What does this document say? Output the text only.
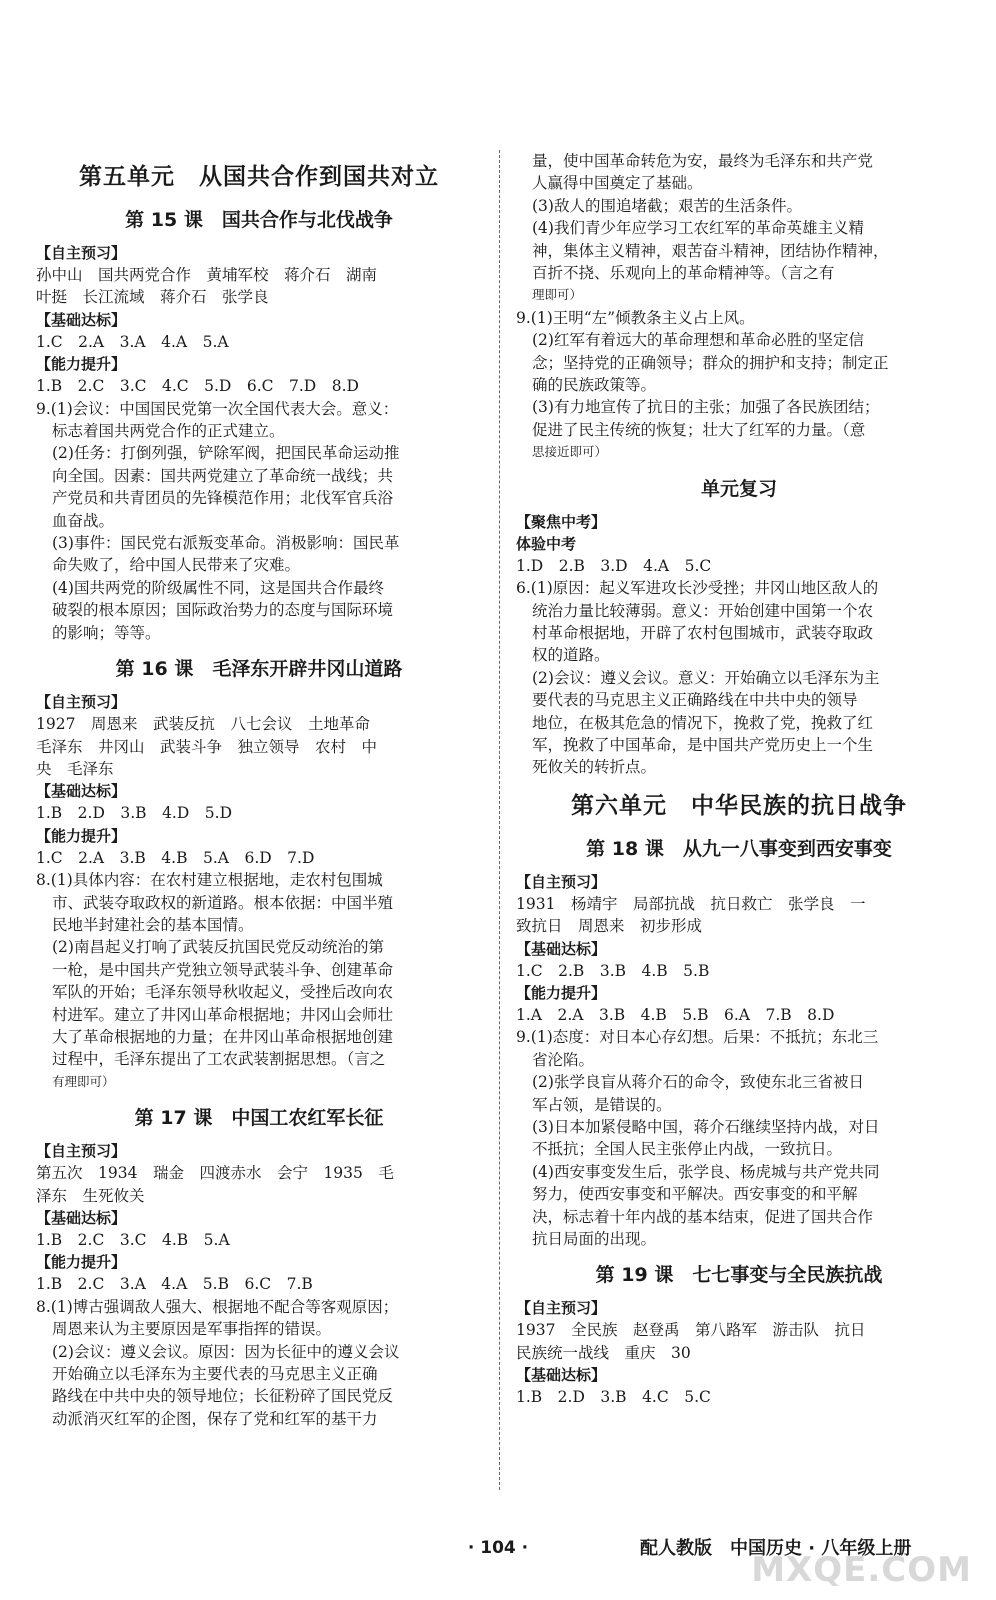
第五单元　从国共合作到国共对立
第 15 课　国共合作与北伐战争
【自主预习】
孙中山　国共两党合作　黄埔军校　蒋介石　湖南
叶挺　长江流域　蒋介石　张学良
【基础达标】
1.C　2.A　3.A　4.A　5.A
【能力提升】
1.B　2.C　3.C　4.C　5.D　6.C　7.D　8.D
9.(1)会议：中国国民党第一次全国代表大会。意义：
标志着国共两党合作的正式建立。
(2)任务：打倒列强，铲除军阀，把国民革命运动推
向全国。因素：国共两党建立了革命统一战线；共
产党员和共青团员的先锋模范作用；北伐军官兵浴
血奋战。
(3)事件：国民党右派叛变革命。消极影响：国民革
命失败了，给中国人民带来了灾难。
(4)国共两党的阶级属性不同，这是国共合作最终
破裂的根本原因；国际政治势力的态度与国际环境
的影响；等等。
第 16 课　毛泽东开辟井冈山道路
【自主预习】
1927　周恩来　武装反抗　八七会议　土地革命
毛泽东　井冈山　武装斗争　独立领导　农村　中
央　毛泽东
【基础达标】
1.B　2.D　3.B　4.D　5.D
【能力提升】
1.C　2.A　3.B　4.B　5.A　6.D　7.D
8.(1)具体内容：在农村建立根据地，走农村包围城
市、武装夺取政权的新道路。根本依据：中国半殖
民地半封建社会的基本国情。
(2)南昌起义打响了武装反抗国民党反动统治的第
一枪，是中国共产党独立领导武装斗争、创建革命
军队的开始；毛泽东领导秋收起义，受挫后改向农
村进军。建立了井冈山革命根据地；井冈山会师壮
大了革命根据地的力量；在井冈山革命根据地创建
过程中，毛泽东提出了工农武装割据思想。（言之
有理即可）
第 17 课　中国工农红军长征
【自主预习】
第五次　1934　瑞金　四渡赤水　会宁　1935　毛
泽东　生死攸关
【基础达标】
1.B　2.C　3.C　4.B　5.A
【能力提升】
1.B　2.C　3.A　4.A　5.B　6.C　7.B
8.(1)博古强调敌人强大、根据地不配合等客观原因；
周恩来认为主要原因是军事指挥的错误。
(2)会议：遵义会议。原因：因为长征中的遵义会议
开始确立以毛泽东为主要代表的马克思主义正确
路线在中共中央的领导地位；长征粉碎了国民党反
动派消灭红军的企图，保存了党和红军的基干力
量，使中国革命转危为安，最终为毛泽东和共产党
人赢得中国奠定了基础。
(3)敌人的围追堵截；艰苦的生活条件。
(4)我们青少年应学习工农红军的革命英雄主义精
神，集体主义精神，艰苦奋斗精神，团结协作精神，
百折不挠、乐观向上的革命精神等。（言之有
理即可）
9.(1)王明“左”倾教条主义占上风。
(2)红军有着远大的革命理想和革命必胜的坚定信
念；坚持党的正确领导；群众的拥护和支持；制定正
确的民族政策等。
(3)有力地宣传了抗日的主张；加强了各民族团结；
促进了民主传统的恢复；壮大了红军的力量。（意
思接近即可）
单元复习
【聚焦中考】
体验中考
1.D　2.B　3.D　4.A　5.C
6.(1)原因：起义军进攻长沙受挫；井冈山地区敌人的
统治力量比较薄弱。意义：开始创建中国第一个农
村革命根据地，开辟了农村包围城市，武装夺取政
权的道路。
(2)会议：遵义会议。意义：开始确立以毛泽东为主
要代表的马克思主义正确路线在中共中央的领导
地位，在极其危急的情况下，挽救了党，挽救了红
军，挽救了中国革命，是中国共产党历史上一个生
死攸关的转折点。
第六单元　中华民族的抗日战争
第 18 课　从九一八事变到西安事变
【自主预习】
1931　杨靖宇　局部抗战　抗日救亡　张学良　一
致抗日　周恩来　初步形成
【基础达标】
1.C　2.B　3.B　4.B　5.B
【能力提升】
1.A　2.A　3.B　4.B　5.B　6.A　7.B　8.D
9.(1)态度：对日本心存幻想。后果：不抵抗；东北三
省沦陷。
(2)张学良盲从蒋介石的命令，致使东北三省被日
军占领，是错误的。
(3)日本加紧侵略中国，蒋介石继续坚持内战，对日
不抵抗；全国人民主张停止内战，一致抗日。
(4)西安事变发生后，张学良、杨虎城与共产党共同
努力，使西安事变和平解决。西安事变的和平解
决，标志着十年内战的基本结束，促进了国共合作
抗日局面的出现。
第 19 课　七七事变与全民族抗战
【自主预习】
1937　全民族　赵登禹　第八路军　游击队　抗日
民族统一战线　重庆　30
【基础达标】
1.B　2.D　3.B　4.C　5.C
· 104 ·	配人教版　中国历史 · 八年级上册
MXQE.COM
